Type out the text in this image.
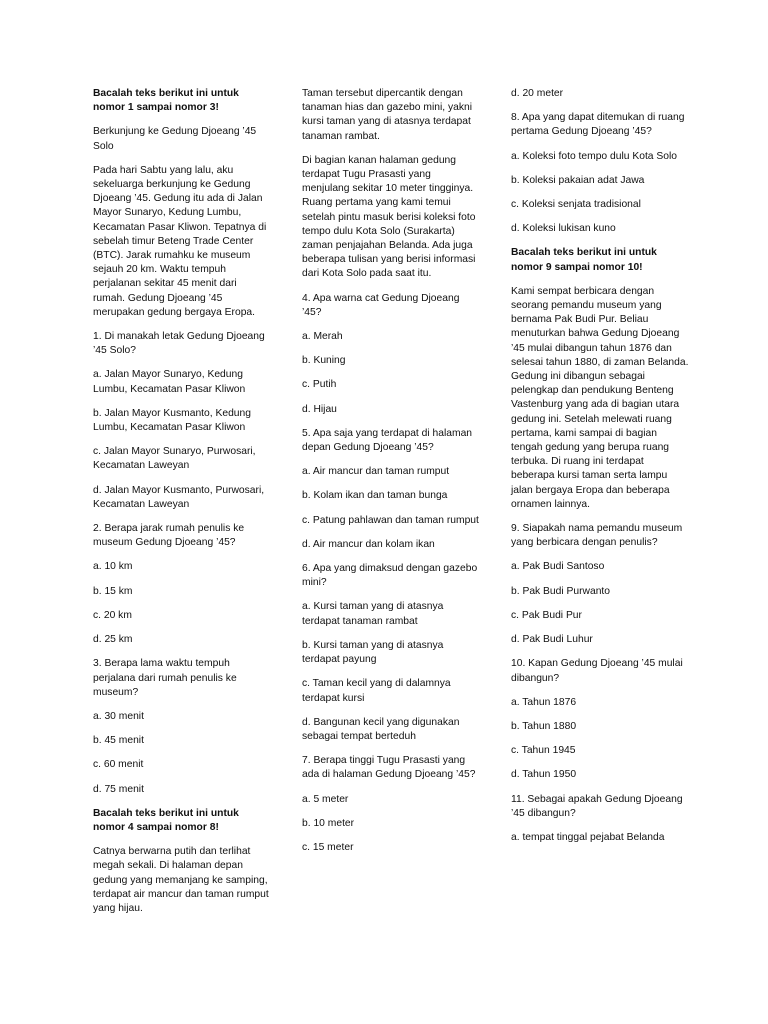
Bacalah teks berikut ini untuk nomor 1 sampai nomor 3!

Berkunjung ke Gedung Djoeang ’45 Solo

Pada hari Sabtu yang lalu, aku sekeluarga berkunjung ke Gedung Djoeang ’45. Gedung itu ada di Jalan Mayor Sunaryo, Kedung Lumbu, Kecamatan Pasar Kliwon. Tepatnya di sebelah timur Beteng Trade Center (BTC). Jarak rumahku ke museum sejauh 20 km. Waktu tempuh perjalanan sekitar 45 menit dari rumah. Gedung Djoeang ’45 merupakan gedung bergaya Eropa.

1. Di manakah letak Gedung Djoeang ’45 Solo?

a. Jalan Mayor Sunaryo, Kedung Lumbu, Kecamatan Pasar Kliwon

b. Jalan Mayor Kusmanto, Kedung Lumbu, Kecamatan Pasar Kliwon

c. Jalan Mayor Sunaryo, Purwosari, Kecamatan Laweyan

d. Jalan Mayor Kusmanto, Purwosari, Kecamatan Laweyan

2. Berapa jarak rumah penulis ke museum Gedung Djoeang ’45?

a. 10 km

b. 15 km

c. 20 km

d. 25 km

3. Berapa lama waktu tempuh perjalana dari rumah penulis ke museum?

a. 30 menit

b. 45 menit

c. 60 menit

d. 75 menit

Bacalah teks berikut ini untuk nomor 4 sampai nomor 8!

Catnya berwarna putih dan terlihat megah sekali. Di halaman depan gedung yang memanjang ke samping, terdapat air mancur dan taman rumput yang hijau.

Taman tersebut dipercantik dengan tanaman hias dan gazebo mini, yakni kursi taman yang di atasnya terdapat tanaman rambat.

Di bagian kanan halaman gedung terdapat Tugu Prasasti yang menjulang sekitar 10 meter tingginya. Ruang pertama yang kami temui setelah pintu masuk berisi koleksi foto tempo dulu Kota Solo (Surakarta) zaman penjajahan Belanda. Ada juga beberapa tulisan yang berisi informasi dari Kota Solo pada saat itu.

4. Apa warna cat Gedung Djoeang ’45?

a. Merah

b. Kuning

c. Putih

d. Hijau

5. Apa saja yang terdapat di halaman depan Gedung Djoeang ’45?

a. Air mancur dan taman rumput

b. Kolam ikan dan taman bunga

c. Patung pahlawan dan taman rumput

d. Air mancur dan kolam ikan

6. Apa yang dimaksud dengan gazebo mini?

a. Kursi taman yang di atasnya terdapat tanaman rambat

b. Kursi taman yang di atasnya terdapat payung

c. Taman kecil yang di dalamnya terdapat kursi

d. Bangunan kecil yang digunakan sebagai tempat berteduh

7. Berapa tinggi Tugu Prasasti yang ada di halaman Gedung Djoeang ’45?

a. 5 meter

b. 10 meter

c. 15 meter

d. 20 meter

8. Apa yang dapat ditemukan di ruang pertama Gedung Djoeang ’45?

a. Koleksi foto tempo dulu Kota Solo

b. Koleksi pakaian adat Jawa

c. Koleksi senjata tradisional

d. Koleksi lukisan kuno

Bacalah teks berikut ini untuk nomor 9 sampai nomor 10!

Kami sempat berbicara dengan seorang pemandu museum yang bernama Pak Budi Pur. Beliau menuturkan bahwa Gedung Djoeang ’45 mulai dibangun tahun 1876 dan selesai tahun 1880, di zaman Belanda. Gedung ini dibangun sebagai pelengkap dan pendukung Benteng Vastenburg yang ada di bagian utara gedung ini. Setelah melewati ruang pertama, kami sampai di bagian tengah gedung yang berupa ruang terbuka. Di ruang ini terdapat beberapa kursi taman serta lampu jalan bergaya Eropa dan beberapa ornamen lainnya.

9. Siapakah nama pemandu museum yang berbicara dengan penulis?

a. Pak Budi Santoso

b. Pak Budi Purwanto

c. Pak Budi Pur

d. Pak Budi Luhur

10. Kapan Gedung Djoeang ’45 mulai dibangun?

a. Tahun 1876

b. Tahun 1880

c. Tahun 1945

d. Tahun 1950

11. Sebagai apakah Gedung Djoeang ’45 dibangun?

a. tempat tinggal pejabat Belanda
